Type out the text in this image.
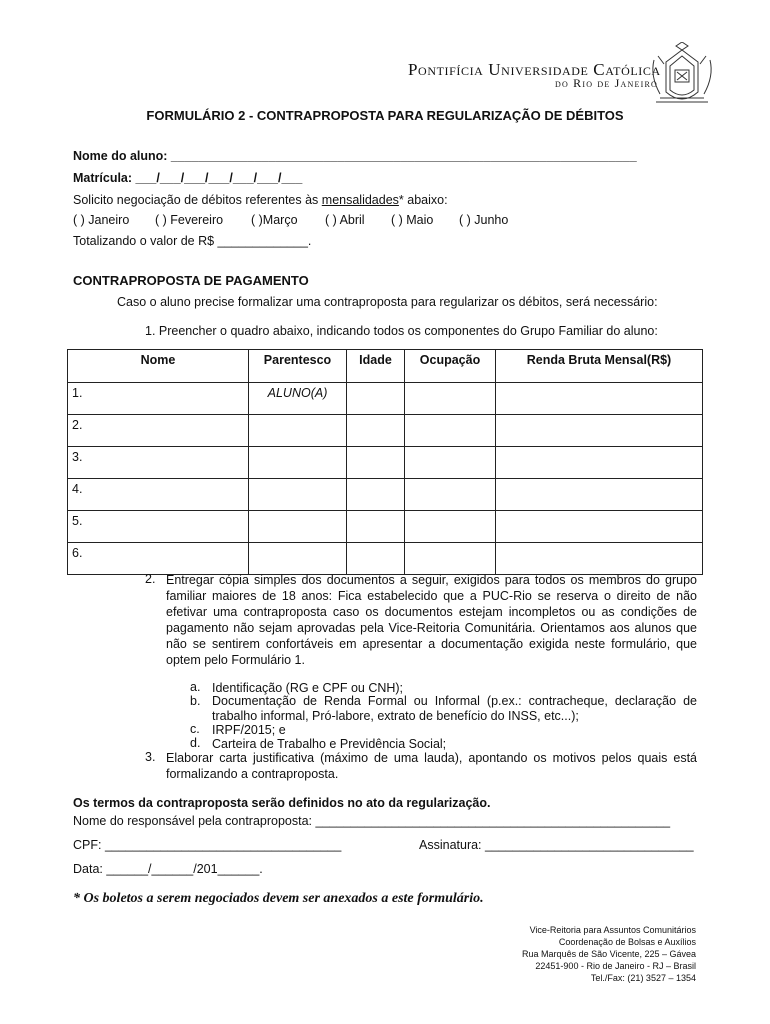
Pontifícia Universidade Católica
do Rio de Janeiro
FORMULÁRIO 2 - CONTRAPROPOSTA PARA REGULARIZAÇÃO DE DÉBITOS
Nome do aluno: ___________________________________________________________________
Matrícula: ___/___/___/___/___/___/___
Solicito negociação de débitos referentes às mensalidades* abaixo:
( ) Janeiro ( ) Fevereiro ( )Março ( ) Abril ( ) Maio ( ) Junho
Totalizando o valor de R$ _____________.
CONTRAPROPOSTA DE PAGAMENTO
Caso o aluno precise formalizar uma contraproposta para regularizar os débitos, será necessário:
1. Preencher o quadro abaixo, indicando todos os componentes do Grupo Familiar do aluno:
Nome	Parentesco	Idade	Ocupação	Renda Bruta Mensal(R$)
1.	ALUNO(A)			
2.				
3.				
4.				
5.				
6.				
2. Entregar cópia simples dos documentos a seguir, exigidos para todos os membros do grupo familiar maiores de 18 anos: Fica estabelecido que a PUC-Rio se reserva o direito de não efetivar uma contraproposta caso os documentos estejam incompletos ou as condições de pagamento não sejam aprovadas pela Vice-Reitoria Comunitária. Orientamos aos alunos que não se sentirem confortáveis em apresentar a documentação exigida neste formulário, que optem pelo Formulário 1.
a. Identificação (RG e CPF ou CNH);
b. Documentação de Renda Formal ou Informal (p.ex.: contracheque, declaração de trabalho informal, Pró-labore, extrato de benefício do INSS, etc...);
c. IRPF/2015; e
d. Carteira de Trabalho e Previdência Social;
3. Elaborar carta justificativa (máximo de uma lauda), apontando os motivos pelos quais está formalizando a contraproposta.
Os termos da contraproposta serão definidos no ato da regularização.
Nome do responsável pela contraproposta: ___________________________________________________
CPF: __________________________________	Assinatura: ______________________________
Data: ______/______/201______.
* Os boletos a serem negociados devem ser anexados a este formulário.
Vice-Reitoria para Assuntos Comunitários
Coordenação de Bolsas e Auxílios
Rua Marquês de São Vicente, 225 – Gávea
22451-900 - Rio de Janeiro - RJ – Brasil
Tel./Fax: (21) 3527 – 1354
